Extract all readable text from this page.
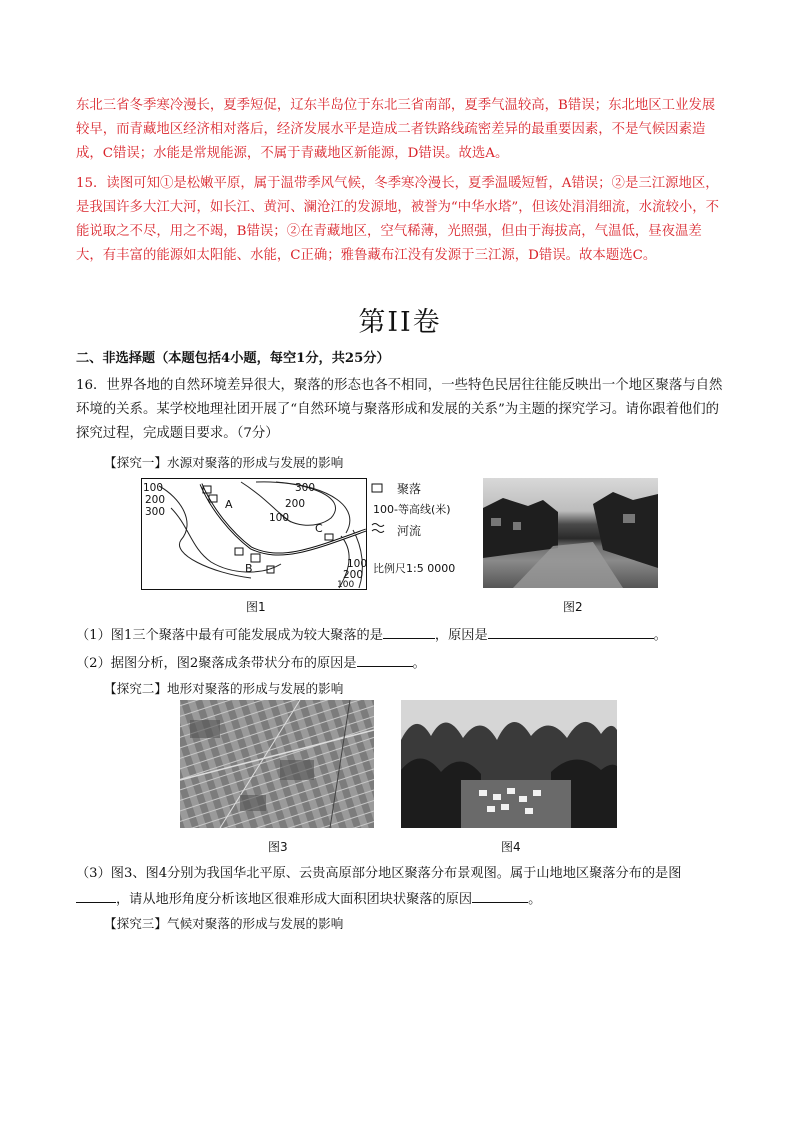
东北三省冬季寒冷漫长，夏季短促，辽东半岛位于东北三省南部，夏季气温较高，B错误；东北地区工业发展较早，而青藏地区经济相对落后，经济发展水平是造成二者铁路线疏密差异的最重要因素，不是气候因素造成，C错误；水能是常规能源，不属于青藏地区新能源，D错误。故选A。
15．读图可知①是松嫩平原，属于温带季风气候，冬季寒冷漫长，夏季温暖短暂，A错误；②是三江源地区，是我国许多大江大河，如长江、黄河、澜沧江的发源地，被誉为“中华水塔”，但该处涓涓细流，水流较小，不能说取之不尽，用之不竭，B错误；②在青藏地区，空气稀薄，光照强，但由于海拔高，气温低，昼夜温差大，有丰富的能源如太阳能、水能，C正确；雅鲁藏布江没有发源于三江源，D错误。故本题选C。
第II卷
二、非选择题（本题包括4小题，每空1分，共25分）
16．世界各地的自然环境差异很大，聚落的形态也各不相同，一些特色民居往往能反映出一个地区聚落与自然环境的关系。某学校地理社团开展了“自然环境与聚落形成和发展的关系”为主题的探究学习。请你跟着他们的探究过程，完成题目要求。（7分）
【探究一】水源对聚落的形成与发展的影响
100
200
300
300
200
100
100
200
100
A
B
C
聚落
100-等高线(米)
河流
比例尺1:5 0000
图1	图2
（1）图1三个聚落中最有可能发展成为较大聚落的是	，原因是	。
（2）据图分析，图2聚落成条带状分布的原因是	。
【探究二】地形对聚落的形成与发展的影响
图3	图4
（3）图3、图4分别为我国华北平原、云贵高原部分地区聚落分布景观图。属于山地地区聚落分布的是图
，请从地形角度分析该地区很难形成大面积团块状聚落的原因	。
【探究三】气候对聚落的形成与发展的影响
